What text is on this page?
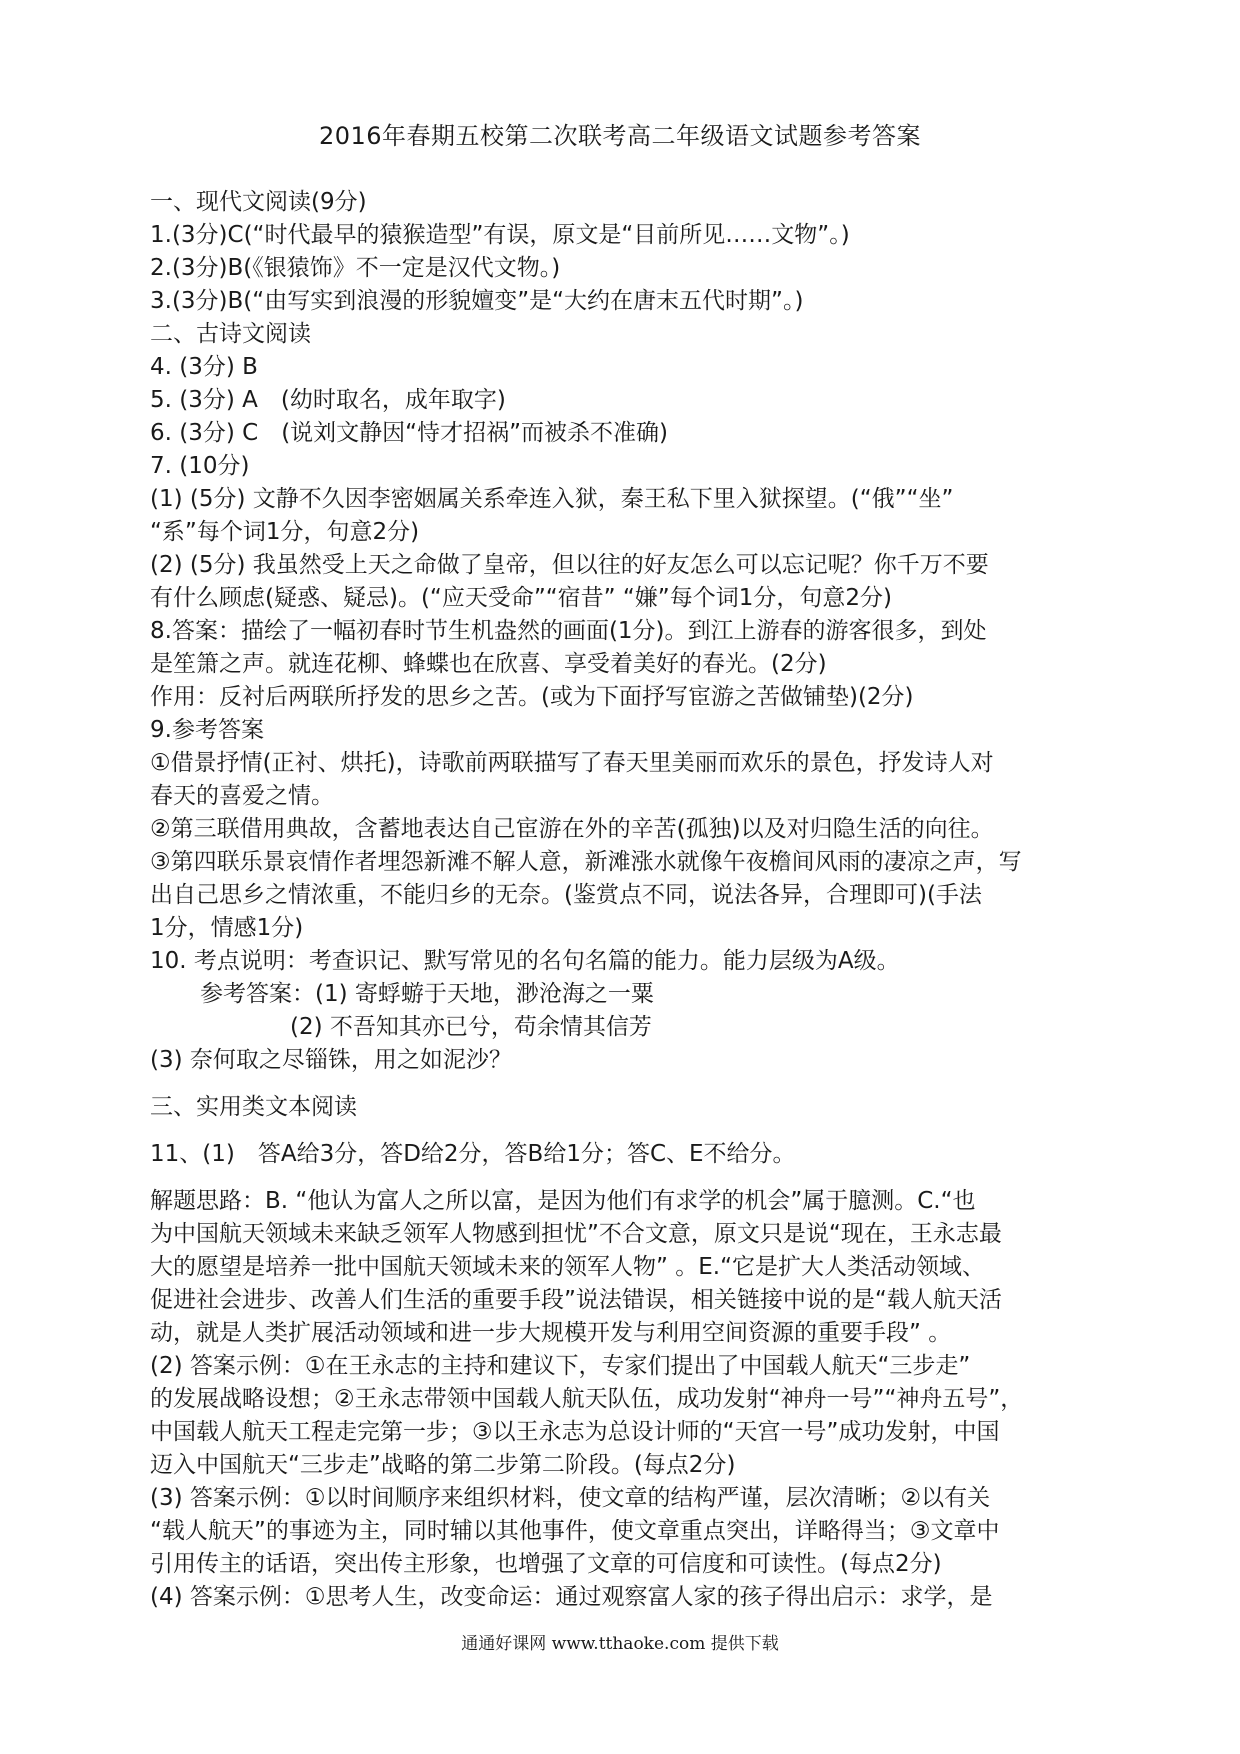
2016年春期五校第二次联考高二年级语文试题参考答案
一、现代文阅读(9分)
1.(3分)C(“时代最早的猿猴造型”有误，原文是“目前所见……文物”。)
2.(3分)B(《银猿饰》不一定是汉代文物。)
3.(3分)B(“由写实到浪漫的形貌嬗变”是“大约在唐末五代时期”。)
二、古诗文阅读
4. (3分) B
5. (3分) A　(幼时取名，成年取字)
6. (3分) C　(说刘文静因“恃才招祸”而被杀不准确)
7. (10分)
(1) (5分) 文静不久因李密姻属关系牵连入狱，秦王私下里入狱探望。(“俄”“坐”
“系”每个词1分，句意2分)
(2) (5分) 我虽然受上天之命做了皇帝，但以往的好友怎么可以忘记呢？你千万不要
有什么顾虑(疑惑、疑忌)。(“应天受命”“宿昔” “嫌”每个词1分，句意2分)
8.答案：描绘了一幅初春时节生机盎然的画面(1分)。到江上游春的游客很多，到处
是笙箫之声。就连花柳、蜂蝶也在欣喜、享受着美好的春光。(2分)
作用：反衬后两联所抒发的思乡之苦。(或为下面抒写宦游之苦做铺垫)(2分)
9.参考答案
①借景抒情(正衬、烘托)，诗歌前两联描写了春天里美丽而欢乐的景色，抒发诗人对
春天的喜爱之情。
②第三联借用典故，含蓄地表达自己宦游在外的辛苦(孤独)以及对归隐生活的向往。
③第四联乐景哀情作者埋怨新滩不解人意，新滩涨水就像午夜檐间风雨的凄凉之声，写
出自己思乡之情浓重，不能归乡的无奈。(鉴赏点不同，说法各异，合理即可)(手法
1分，情感1分)
10. 考点说明：考查识记、默写常见的名句名篇的能力。能力层级为A级。
参考答案：(1) 寄蜉蝣于天地，渺沧海之一粟
(2) 不吾知其亦已兮，苟余情其信芳
(3) 奈何取之尽锱铢，用之如泥沙？
三、实用类文本阅读
11、(1)　答A给3分，答D给2分，答B给1分；答C、E不给分。
解题思路：B. “他认为富人之所以富，是因为他们有求学的机会”属于臆测。C.“也
为中国航天领域未来缺乏领军人物感到担忧”不合文意，原文只是说“现在，王永志最
大的愿望是培养一批中国航天领域未来的领军人物” 。E.“它是扩大人类活动领域、
促进社会进步、改善人们生活的重要手段”说法错误，相关链接中说的是“载人航天活
动，就是人类扩展活动领域和进一步大规模开发与利用空间资源的重要手段” 。
(2) 答案示例：①在王永志的主持和建议下，专家们提出了中国载人航天“三步走”
的发展战略设想；②王永志带领中国载人航天队伍，成功发射“神舟一号”“神舟五号”，
中国载人航天工程走完第一步；③以王永志为总设计师的“天宫一号”成功发射，中国
迈入中国航天“三步走”战略的第二步第二阶段。(每点2分)
(3) 答案示例：①以时间顺序来组织材料，使文章的结构严谨，层次清晰；②以有关
“载人航天”的事迹为主，同时辅以其他事件，使文章重点突出，详略得当；③文章中
引用传主的话语，突出传主形象，也增强了文章的可信度和可读性。(每点2分)
(4) 答案示例：①思考人生，改变命运：通过观察富人家的孩子得出启示：求学，是
通通好课网 www.tthaoke.com 提供下载
